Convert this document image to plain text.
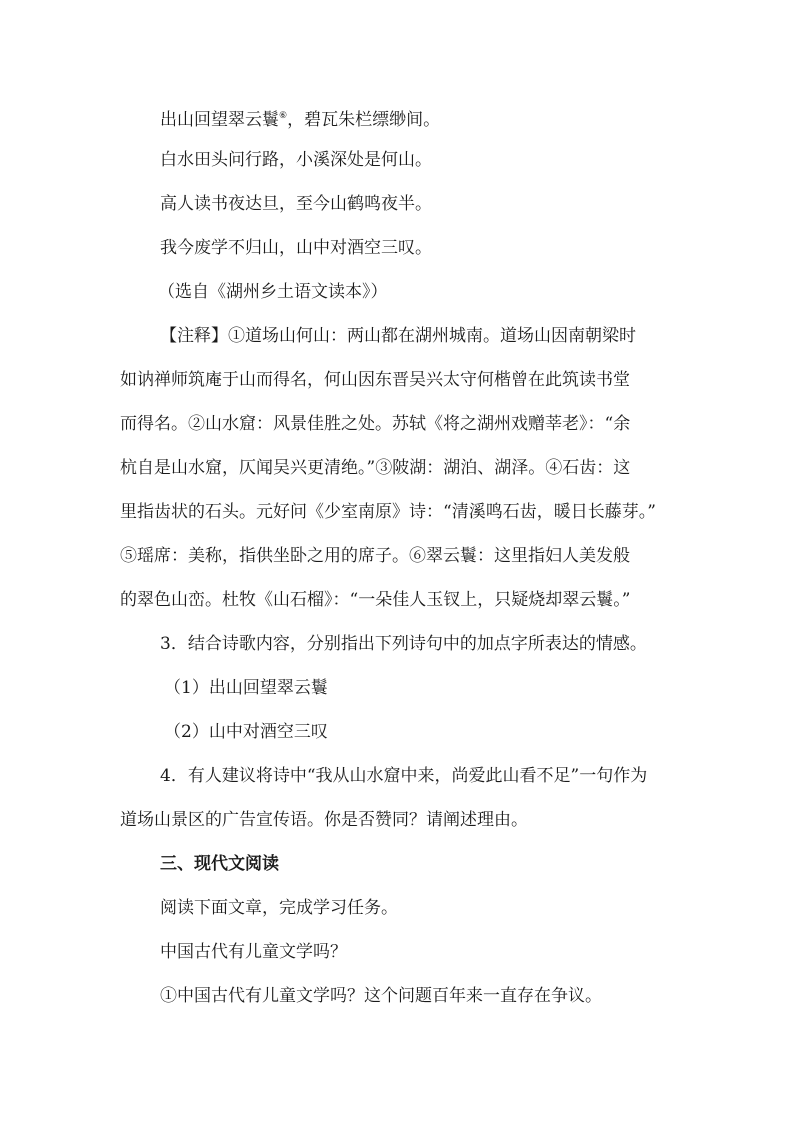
出山回望翠云鬟⑥，碧瓦朱栏缥缈间。
白水田头问行路，小溪深处是何山。
高人读书夜达旦，至今山鹤鸣夜半。
我今废学不归山，山中对酒空三叹。
（选自《湖州乡土语文读本》）
【注释】①道场山何山：两山都在湖州城南。道场山因南朝梁时
如讷禅师筑庵于山而得名，何山因东晋吴兴太守何楷曾在此筑读书堂
而得名。②山水窟：风景佳胜之处。苏轼《将之湖州戏赠莘老》：“余
杭自是山水窟，仄闻吴兴更清绝。”③陂湖：湖泊、湖泽。④石齿：这
里指齿状的石头。元好问《少室南原》诗：“清溪鸣石齿，暖日长藤芽。”
⑤瑶席：美称，指供坐卧之用的席子。⑥翠云鬟：这里指妇人美发般
的翠色山峦。杜牧《山石榴》：“一朵佳人玉钗上，只疑烧却翠云鬟。”
3．结合诗歌内容，分别指出下列诗句中的加点字所表达的情感。
（1）出山回望翠云鬟
（2）山中对酒空三叹
4．有人建议将诗中“我从山水窟中来，尚爱此山看不足”一句作为
道场山景区的广告宣传语。你是否赞同？请阐述理由。
三、现代文阅读
阅读下面文章，完成学习任务。
中国古代有儿童文学吗？
①中国古代有儿童文学吗？这个问题百年来一直存在争议。
